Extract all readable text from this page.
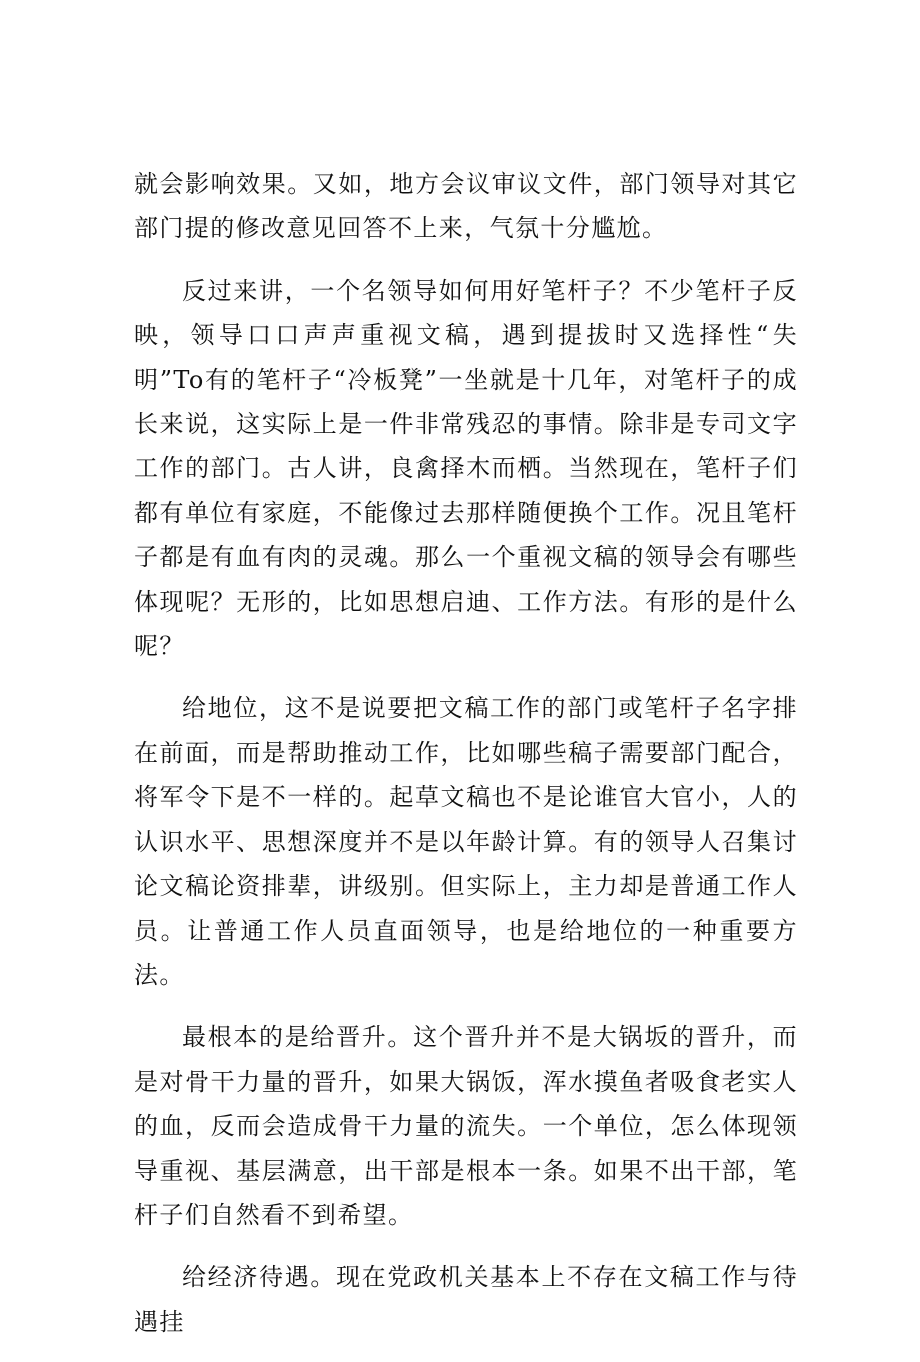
就会影响效果。又如，地方会议审议文件，部门领导对其它部门提的修改意见回答不上来，气氛十分尴尬。

反过来讲，一个名领导如何用好笔杆子？不少笔杆子反映，领导口口声声重视文稿，遇到提拔时又选择性“失明”To有的笔杆子“冷板凳”一坐就是十几年，对笔杆子的成长来说，这实际上是一件非常残忍的事情。除非是专司文字工作的部门。古人讲，良禽择木而栖。当然现在，笔杆子们都有单位有家庭，不能像过去那样随便换个工作。况且笔杆子都是有血有肉的灵魂。那么一个重视文稿的领导会有哪些体现呢？无形的，比如思想启迪、工作方法。有形的是什么呢？

给地位，这不是说要把文稿工作的部门或笔杆子名字排在前面，而是帮助推动工作，比如哪些稿子需要部门配合，将军令下是不一样的。起草文稿也不是论谁官大官小，人的认识水平、思想深度并不是以年龄计算。有的领导人召集讨论文稿论资排辈，讲级别。但实际上，主力却是普通工作人员。让普通工作人员直面领导，也是给地位的一种重要方法。

最根本的是给晋升。这个晋升并不是大锅坂的晋升，而是对骨干力量的晋升，如果大锅饭，浑水摸鱼者吸食老实人的血，反而会造成骨干力量的流失。一个单位，怎么体现领导重视、基层满意，出干部是根本一条。如果不出干部，笔杆子们自然看不到希望。

给经济待遇。现在党政机关基本上不存在文稿工作与待遇挂
